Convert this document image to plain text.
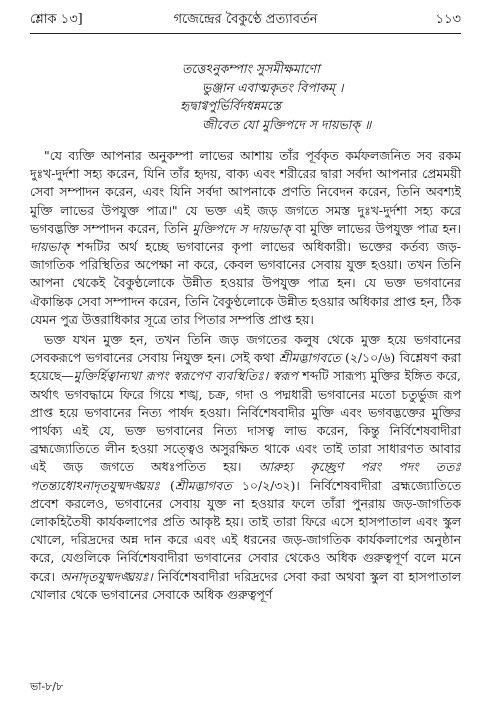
শ্লোক ১৩]	গজেন্দ্রের বৈকুণ্ঠে প্রত্যাবর্তন	১১৩
তত্তেঽনুকম্পাং সুসমীক্ষমাণো
ভুঞ্জান এবাত্মকৃতং বিপাকম্ ।
হৃদ্বাগ্বপুর্ভির্বিদধন্নমস্তে
জীবেত যো মুক্তিপদে স দায়ভাক্ ॥

"যে ব্যক্তি আপনার অনুকম্পা লাভের আশায় তাঁর পূর্বকৃত কর্মফলজনিত সব রকম দুঃখ-দুর্দশা সহ্য করেন, যিনি তাঁর হৃদয়, বাক্য এবং শরীরের দ্বারা সর্বদা আপনার প্রেমময়ী সেবা সম্পাদন করেন, এবং যিনি সর্বদা আপনাকে প্রণতি নিবেদন করেন, তিনি অবশ্যই মুক্তি লাভের উপযুক্ত পাত্র।" যে ভক্ত এই জড় জগতে সমস্ত দুঃখ-দুর্দশা সহ্য করে ভগবদ্ভক্তি সম্পাদন করেন, তিনি মুক্তিপদে স দায়ভাক্ বা মুক্তি লাভের উপযুক্ত পাত্র হন। দায়ভাক্ শব্দটির অর্থ হচ্ছে ভগবানের কৃপা লাভের অধিকারী। ভক্তের কর্তব্য জড়-জাগতিক পরিস্থিতির অপেক্ষা না করে, কেবল ভগবানের সেবায় যুক্ত হওয়া। তখন তিনি আপনা থেকেই বৈকুণ্ঠলোকে উন্নীত হওয়ার উপযুক্ত পাত্র হন। যে ভক্ত ভগবানের ঐকান্তিক সেবা সম্পাদন করেন, তিনি বৈকুণ্ঠলোকে উন্নীত হওয়ার অধিকার প্রাপ্ত হন, ঠিক যেমন পুত্র উত্তরাধিকার সূত্রে তার পিতার সম্পত্তি প্রাপ্ত হয়।

ভক্ত যখন মুক্ত হন, তখন তিনি জড় জগতের কলুষ থেকে মুক্ত হয়ে ভগবানের সেবকরূপে ভগবানের সেবায় নিযুক্ত হন। সেই কথা শ্রীমদ্ভাগবতে (২/১০/৬) বিশ্লেষণ করা হয়েছে—মুক্তির্হিত্বান্যথা রূপং স্বরূপেণ ব্যবস্থিতিঃ। স্বরূপ শব্দটি সারূপ্য মুক্তির ইঙ্গিত করে, অর্থাৎ ভগবদ্ধামে ফিরে গিয়ে শঙ্খ, চক্র, গদা ও পদ্মধারী ভগবানের মতো চতুর্ভুজ রূপ প্রাপ্ত হয়ে ভগবানের নিত্য পার্ষদ হওয়া। নির্বিশেষবাদীর মুক্তি এবং ভগবদ্ভক্তের মুক্তির পার্থক্য এই যে, ভক্ত ভগবানের নিত্য দাসত্ব লাভ করেন, কিন্তু নির্বিশেষবাদীরা ব্রহ্মজ্যোতিতে লীন হওয়া সত্ত্বেও অসুরক্ষিত থাকে এবং তাই তারা সাধারণত আবার এই জড় জগতে অধঃপতিত হয়। আরুহ্য কৃচ্ছ্রেণ পরং পদং ততঃ পতন্ত্যধোঽনাদৃতযুষ্মদঙ্ঘ্রয়ঃ (শ্রীমদ্ভাগবত ১০/২/৩২)। নির্বিশেষবাদীরা ব্রহ্মজ্যোতিতে প্রবেশ করলেও, ভগবানের সেবায় যুক্ত না হওয়ার ফলে তাঁরা পুনরায় জড়-জাগতিক লোকহিতৈষী কার্যকলাপের প্রতি আকৃষ্ট হয়। তাই তারা ফিরে এসে হাসপাতাল এবং স্কুল খোলে, দরিদ্রদের অন্ন দান করে এবং এই ধরনের জড়-জাগতিক কার্যকলাপের অনুষ্ঠান করে, যেগুলিকে নির্বিশেষবাদীরা ভগবানের সেবার থেকেও অধিক গুরুত্বপূর্ণ বলে মনে করে। অনাদৃতযুষ্মদঙ্ঘ্রয়ঃ। নির্বিশেষবাদীরা দরিদ্রদের সেবা করা অথবা স্কুল বা হাসপাতাল খোলার থেকে ভগবানের সেবাকে অধিক গুরুত্বপূর্ণ

ভা-৮/৮
